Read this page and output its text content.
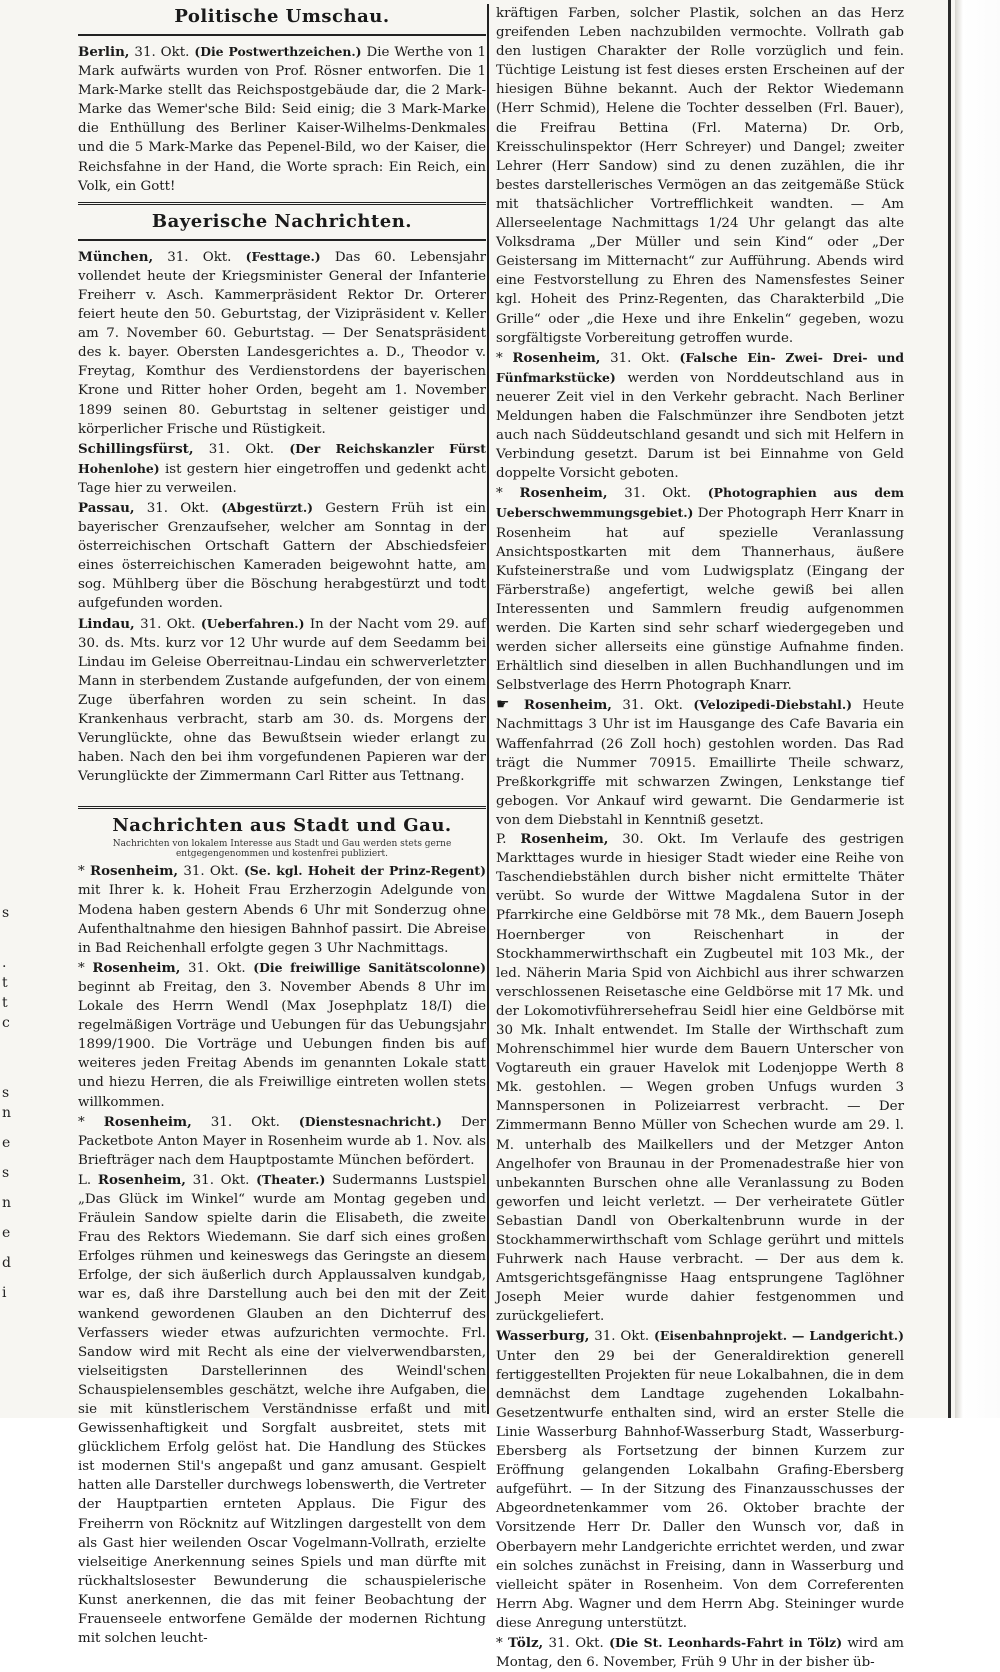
s
.
t
t
c
s
n
e
s
n
e
d
i
Politische Umschau.

Berlin, 31. Okt. (Die Postwerthzeichen.) Die Werthe von 1 Mark aufwärts wurden von Prof. Rösner entworfen. Die 1 Mark-Marke stellt das Reichspostgebäude dar, die 2 Mark-Marke das Wemer'sche Bild: Seid einig; die 3 Mark-Marke die Enthüllung des Berliner Kaiser-Wilhelms-Denkmales und die 5 Mark-Marke das Pepenel-Bild, wo der Kaiser, die Reichsfahne in der Hand, die Worte sprach: Ein Reich, ein Volk, ein Gott!

Bayerische Nachrichten.

München, 31. Okt. (Festtage.) Das 60. Lebensjahr vollendet heute der Kriegsminister General der Infanterie Freiherr v. Asch. Kammerpräsident Rektor Dr. Orterer feiert heute den 50. Geburtstag, der Vizipräsident v. Keller am 7. November 60. Geburtstag. — Der Senatspräsident des k. bayer. Obersten Landesgerichtes a. D., Theodor v. Freytag, Komthur des Verdienstordens der bayerischen Krone und Ritter hoher Orden, begeht am 1. November 1899 seinen 80. Geburtstag in seltener geistiger und körperlicher Frische und Rüstigkeit.

Schillingsfürst, 31. Okt. (Der Reichskanzler Fürst Hohenlohe) ist gestern hier eingetroffen und gedenkt acht Tage hier zu verweilen.

Passau, 31. Okt. (Abgestürzt.) Gestern Früh ist ein bayerischer Grenzaufseher, welcher am Sonntag in der österreichischen Ortschaft Gattern der Abschiedsfeier eines österreichischen Kameraden beigewohnt hatte, am sog. Mühlberg über die Böschung herabgestürzt und todt aufgefunden worden.

Lindau, 31. Okt. (Ueberfahren.) In der Nacht vom 29. auf 30. ds. Mts. kurz vor 12 Uhr wurde auf dem Seedamm bei Lindau im Geleise Oberreitnau-Lindau ein schwerverletzter Mann in sterbendem Zustande aufgefunden, der von einem Zuge überfahren worden zu sein scheint. In das Krankenhaus verbracht, starb am 30. ds. Morgens der Verunglückte, ohne das Bewußtsein wieder erlangt zu haben. Nach den bei ihm vorgefundenen Papieren war der Verunglückte der Zimmermann Carl Ritter aus Tettnang.

Nachrichten aus Stadt und Gau.
Nachrichten von lokalem Interesse aus Stadt und Gau werden stets gerne entgegengenommen und kostenfrei publiziert.

* Rosenheim, 31. Okt. (Se. kgl. Hoheit der Prinz-Regent) mit Ihrer k. k. Hoheit Frau Erzherzogin Adelgunde von Modena haben gestern Abends 6 Uhr mit Sonderzug ohne Aufenthaltnahme den hiesigen Bahnhof passirt. Die Abreise in Bad Reichenhall erfolgte gegen 3 Uhr Nachmittags.

* Rosenheim, 31. Okt. (Die freiwillige Sanitätscolonne) beginnt ab Freitag, den 3. November Abends 8 Uhr im Lokale des Herrn Wendl (Max Josephplatz 18/I) die regelmäßigen Vorträge und Uebungen für das Uebungsjahr 1899/1900. Die Vorträge und Uebungen finden bis auf weiteres jeden Freitag Abends im genannten Lokale statt und hiezu Herren, die als Freiwillige eintreten wollen stets willkommen.

* Rosenheim, 31. Okt. (Dienstesnachricht.) Der Packetbote Anton Mayer in Rosenheim wurde ab 1. Nov. als Briefträger nach dem Hauptpostamte München befördert.

L. Rosenheim, 31. Okt. (Theater.) Sudermanns Lustspiel „Das Glück im Winkel“ wurde am Montag gegeben und Fräulein Sandow spielte darin die Elisabeth, die zweite Frau des Rektors Wiedemann. Sie darf sich eines großen Erfolges rühmen und keineswegs das Geringste an diesem Erfolge, der sich äußerlich durch Applaussalven kundgab, war es, daß ihre Darstellung auch bei den mit der Zeit wankend gewordenen Glauben an den Dichterruf des Verfassers wieder etwas aufzurichten vermochte. Frl. Sandow wird mit Recht als eine der vielverwendbarsten, vielseitigsten Darstellerinnen des Weindl'schen Schauspielensembles geschätzt, welche ihre Aufgaben, die sie mit künstlerischem Verständnisse erfaßt und mit Gewissenhaftigkeit und Sorgfalt ausbreitet, stets mit glücklichem Erfolg gelöst hat. Die Handlung des Stückes ist modernen Stil's angepaßt und ganz amusant. Gespielt hatten alle Darsteller durchwegs lobenswerth, die Vertreter der Hauptpartien ernteten Applaus. Die Figur des Freiherrn von Röcknitz auf Witzlingen dargestellt von dem als Gast hier weilenden Oscar Vogelmann-Vollrath, erzielte vielseitige Anerkennung seines Spiels und man dürfte mit rückhaltslosester Bewunderung die schauspielerische Kunst anerkennen, die das mit feiner Beobachtung der Frauenseele entworfene Gemälde der modernen Richtung mit solchen leucht-

kräftigen Farben, solcher Plastik, solchen an das Herz greifenden Leben nachzubilden vermochte. Vollrath gab den lustigen Charakter der Rolle vorzüglich und fein. Tüchtige Leistung ist fest dieses ersten Erscheinen auf der hiesigen Bühne bekannt. Auch der Rektor Wiedemann (Herr Schmid), Helene die Tochter desselben (Frl. Bauer), die Freifrau Bettina (Frl. Materna) Dr. Orb, Kreisschulinspektor (Herr Schreyer) und Dangel; zweiter Lehrer (Herr Sandow) sind zu denen zuzählen, die ihr bestes darstellerisches Vermögen an das zeitgemäße Stück mit thatsächlicher Vortrefflichkeit wandten. — Am Allerseelentage Nachmittags 1/24 Uhr gelangt das alte Volksdrama „Der Müller und sein Kind“ oder „Der Geistersang im Mitternacht“ zur Aufführung. Abends wird eine Festvorstellung zu Ehren des Namensfestes Seiner kgl. Hoheit des Prinz-Regenten, das Charakterbild „Die Grille“ oder „die Hexe und ihre Enkelin“ gegeben, wozu sorgfältigste Vorbereitung getroffen wurde.

* Rosenheim, 31. Okt. (Falsche Ein- Zwei- Drei- und Fünfmarkstücke) werden von Norddeutschland aus in neuerer Zeit viel in den Verkehr gebracht. Nach Berliner Meldungen haben die Falschmünzer ihre Sendboten jetzt auch nach Süddeutschland gesandt und sich mit Helfern in Verbindung gesetzt. Darum ist bei Einnahme von Geld doppelte Vorsicht geboten.

* Rosenheim, 31. Okt. (Photographien aus dem Ueberschwemmungsgebiet.) Der Photograph Herr Knarr in Rosenheim hat auf spezielle Veranlassung Ansichtspostkarten mit dem Thannerhaus, äußere Kufsteinerstraße und vom Ludwigsplatz (Eingang der Färberstraße) angefertigt, welche gewiß bei allen Interessenten und Sammlern freudig aufgenommen werden. Die Karten sind sehr scharf wiedergegeben und werden sicher allerseits eine günstige Aufnahme finden. Erhältlich sind dieselben in allen Buchhandlungen und im Selbstverlage des Herrn Photograph Knarr.

☛ Rosenheim, 31. Okt. (Velozipedi-Diebstahl.) Heute Nachmittags 3 Uhr ist im Hausgange des Cafe Bavaria ein Waffenfahrrad (26 Zoll hoch) gestohlen worden. Das Rad trägt die Nummer 70915. Emaillirte Theile schwarz, Preßkorkgriffe mit schwarzen Zwingen, Lenkstange tief gebogen. Vor Ankauf wird gewarnt. Die Gendarmerie ist von dem Diebstahl in Kenntniß gesetzt.

P. Rosenheim, 30. Okt. Im Verlaufe des gestrigen Markttages wurde in hiesiger Stadt wieder eine Reihe von Taschendiebstählen durch bisher nicht ermittelte Thäter verübt. So wurde der Wittwe Magdalena Sutor in der Pfarrkirche eine Geldbörse mit 78 Mk., dem Bauern Joseph Hoernberger von Reischenhart in der Stockhammerwirthschaft ein Zugbeutel mit 103 Mk., der led. Näherin Maria Spid von Aichbichl aus ihrer schwarzen verschlossenen Reisetasche eine Geldbörse mit 17 Mk. und der Lokomotivführersehefrau Seidl hier eine Geldbörse mit 30 Mk. Inhalt entwendet. Im Stalle der Wirthschaft zum Mohrenschimmel hier wurde dem Bauern Unterscher von Vogtareuth ein grauer Havelok mit Lodenjoppe Werth 8 Mk. gestohlen. — Wegen groben Unfugs wurden 3 Mannspersonen in Polizeiarrest verbracht. — Der Zimmermann Benno Müller von Schechen wurde am 29. l. M. unterhalb des Mailkellers und der Metzger Anton Angelhofer von Braunau in der Promenadestraße hier von unbekannten Burschen ohne alle Veranlassung zu Boden geworfen und leicht verletzt. — Der verheiratete Gütler Sebastian Dandl von Oberkaltenbrunn wurde in der Stockhammerwirthschaft vom Schlage gerührt und mittels Fuhrwerk nach Hause verbracht. — Der aus dem k. Amtsgerichtsgefängnisse Haag entsprungene Taglöhner Joseph Meier wurde dahier festgenommen und zurückgeliefert.

Wasserburg, 31. Okt. (Eisenbahnprojekt. — Landgericht.) Unter den 29 bei der Generaldirektion generell fertiggestellten Projekten für neue Lokalbahnen, die in dem demnächst dem Landtage zugehenden Lokalbahn-Gesetzentwurfe enthalten sind, wird an erster Stelle die Linie Wasserburg Bahnhof-Wasserburg Stadt, Wasserburg-Ebersberg als Fortsetzung der binnen Kurzem zur Eröffnung gelangenden Lokalbahn Grafing-Ebersberg aufgeführt. — In der Sitzung des Finanzausschusses der Abgeordnetenkammer vom 26. Oktober brachte der Vorsitzende Herr Dr. Daller den Wunsch vor, daß in Oberbayern mehr Landgerichte errichtet werden, und zwar ein solches zunächst in Freising, dann in Wasserburg und vielleicht später in Rosenheim. Von dem Correferenten Herrn Abg. Wagner und dem Herrn Abg. Steininger wurde diese Anregung unterstützt.

* Tölz, 31. Okt. (Die St. Leonhards-Fahrt in Tölz) wird am Montag, den 6. November, Früh 9 Uhr in der bisher üb-
